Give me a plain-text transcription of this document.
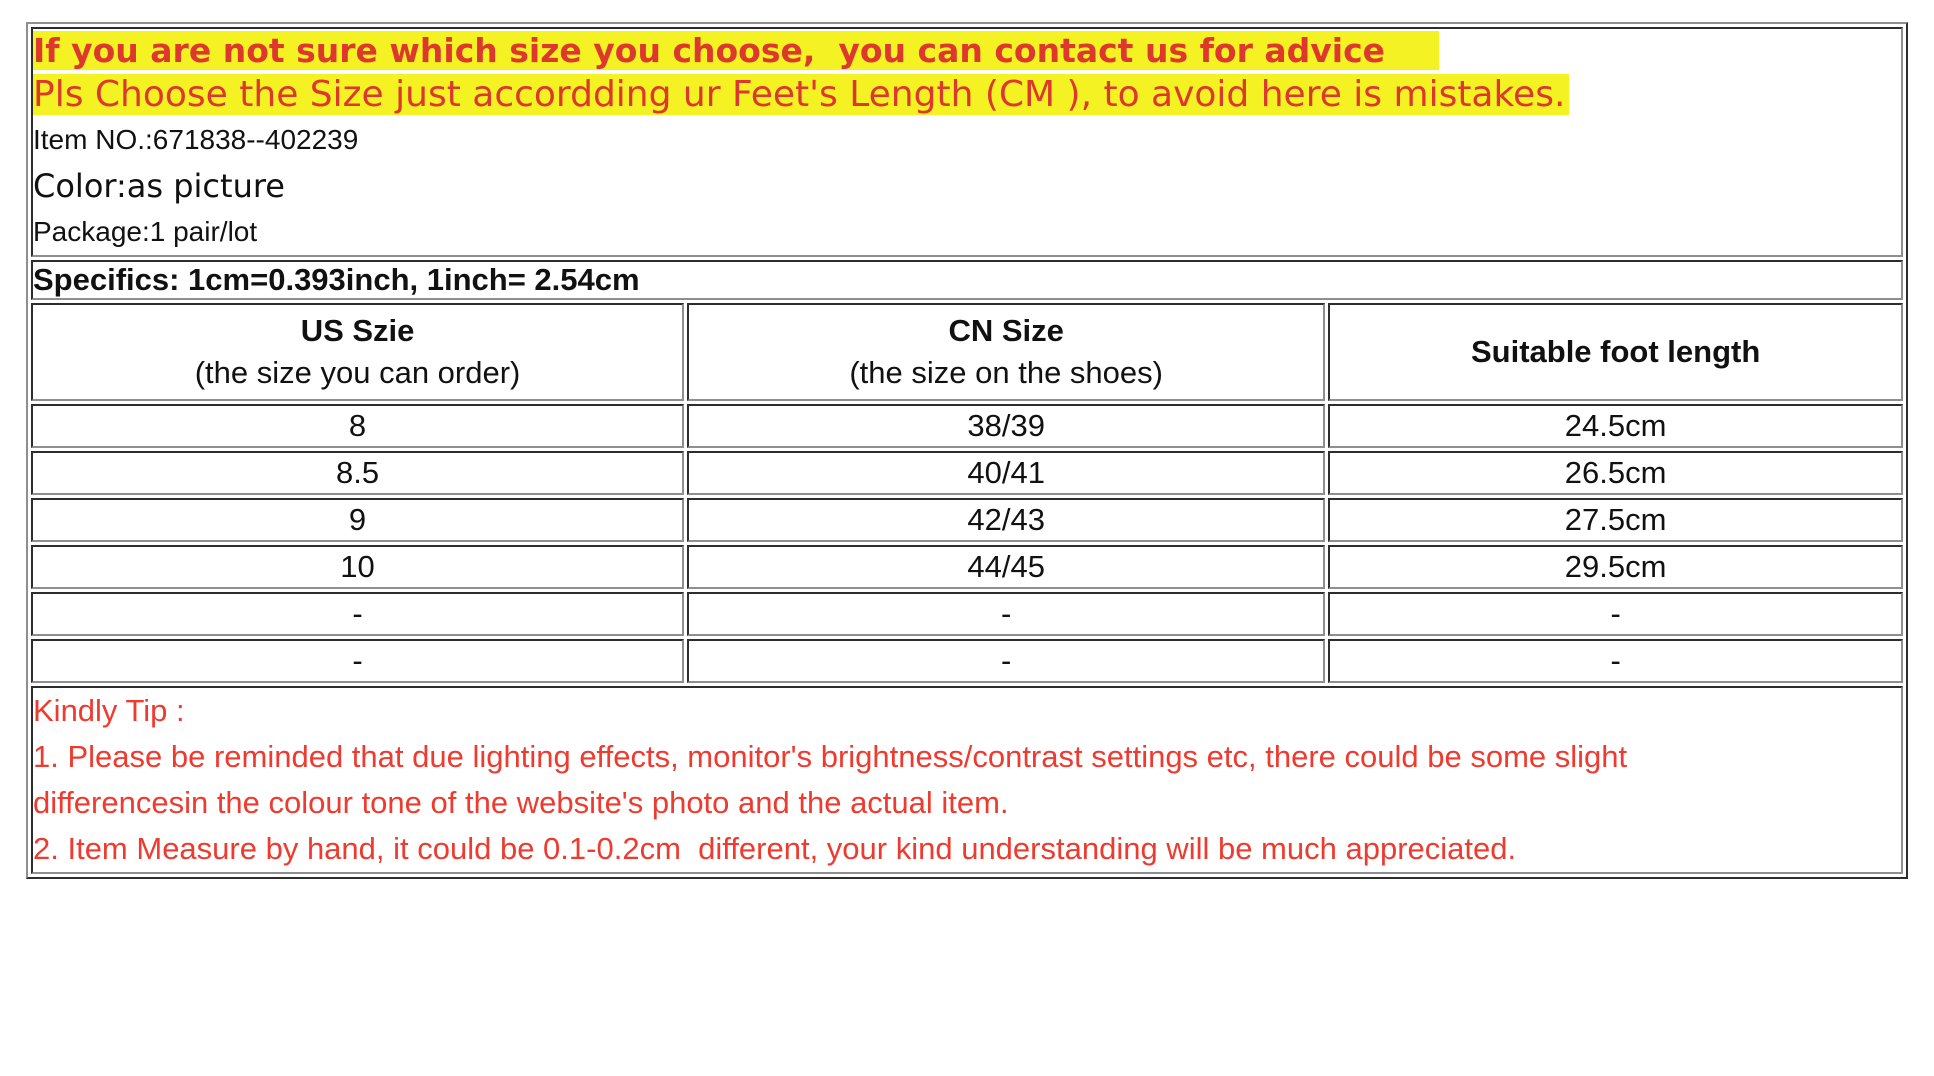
If you are not sure which size you choose,  you can contact us for advice
Pls Choose the Size just accordding ur Feet's Length (CM ), to avoid here is mistakes.
Item NO.:671838--402239
Color:as picture
Package:1 pair/lot		

Specifics: 1cm=0.393inch, 1inch= 2.54cm		

US Szie
(the size you can order)

CN Size
(the size on the shoes)

Suitable foot length

8	38/39	24.5cm
8.5	40/41	26.5cm
9	42/43	27.5cm
10	44/45	29.5cm
-	-	-
-	-	-

Kindly Tip :
1. Please be reminded that due lighting effects, monitor's brightness/contrast settings etc, there could be some slight
differencesin the colour tone of the website's photo and the actual item.
2. Item Measure by hand, it could be 0.1-0.2cm  different, your kind understanding will be much appreciated.		
